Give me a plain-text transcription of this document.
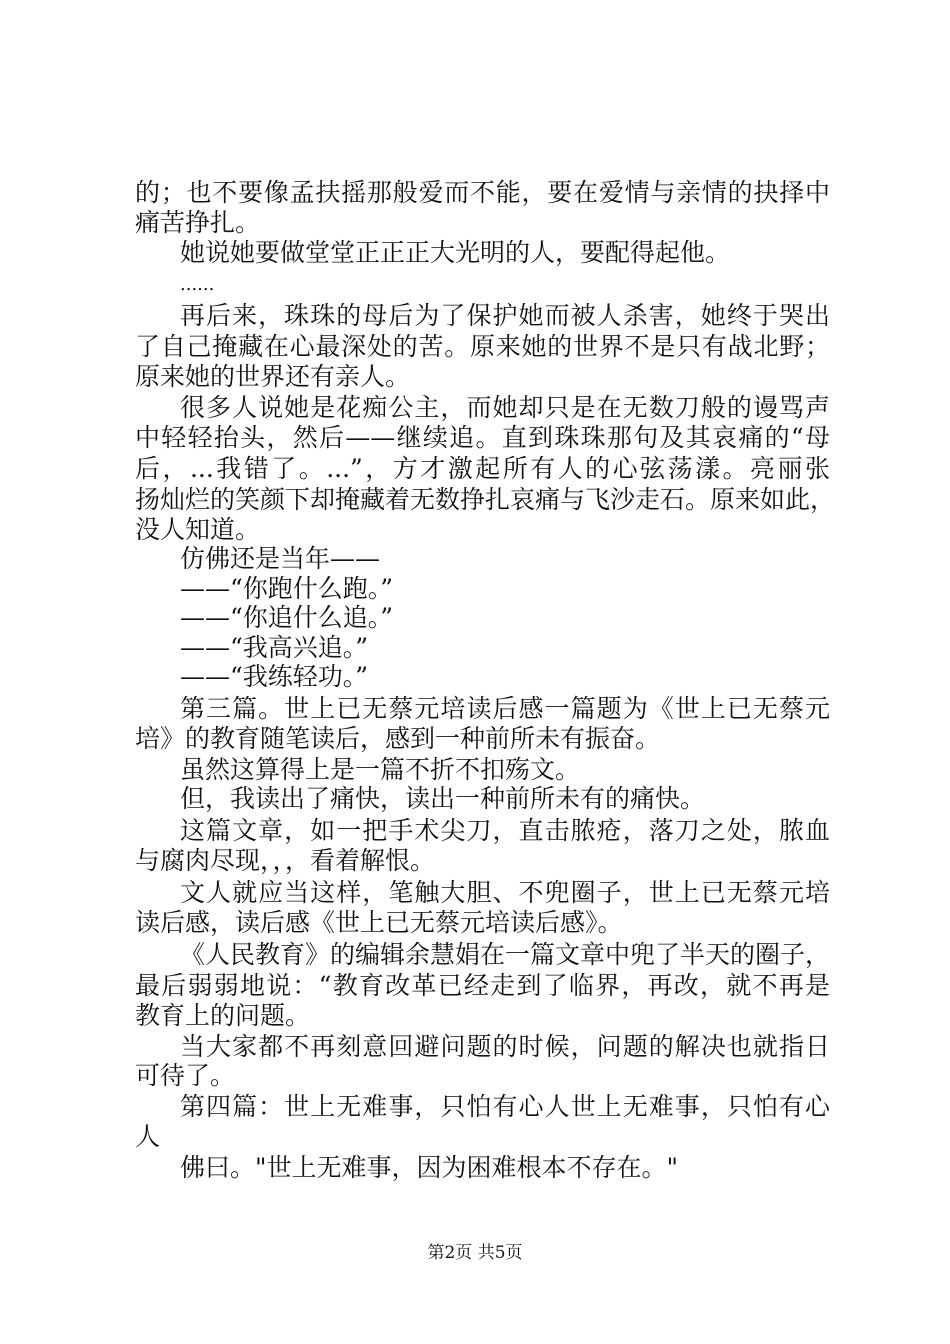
的；也不要像孟扶摇那般爱而不能，要在爱情与亲情的抉择中
痛苦挣扎。
她说她要做堂堂正正正大光明的人，要配得起他。
......
再后来，珠珠的母后为了保护她而被人杀害，她终于哭出
了自己掩藏在心最深处的苦。原来她的世界不是只有战北野；
原来她的世界还有亲人。
很多人说她是花痴公主，而她却只是在无数刀般的谩骂声
中轻轻抬头，然后——继续追。直到珠珠那句及其哀痛的“母
后，...我错了。...”，方才激起所有人的心弦荡漾。亮丽张
扬灿烂的笑颜下却掩藏着无数挣扎哀痛与飞沙走石。原来如此，
没人知道。
仿佛还是当年——
——“你跑什么跑。”
——“你追什么追。”
——“我高兴追。”
——“我练轻功。”
第三篇。世上已无蔡元培读后感一篇题为《世上已无蔡元
培》的教育随笔读后，感到一种前所未有振奋。
虽然这算得上是一篇不折不扣殇文。
但，我读出了痛快，读出一种前所未有的痛快。
这篇文章，如一把手术尖刀，直击脓疮，落刀之处，脓血
与腐肉尽现，，，看着解恨。
文人就应当这样，笔触大胆、不兜圈子，世上已无蔡元培
读后感，读后感《世上已无蔡元培读后感》。
《人民教育》的编辑余慧娟在一篇文章中兜了半天的圈子，
最后弱弱地说：“教育改革已经走到了临界，再改，就不再是
教育上的问题。
当大家都不再刻意回避问题的时候，问题的解决也就指日
可待了。
第四篇：世上无难事，只怕有心人世上无难事，只怕有心
人
佛曰。"世上无难事，因为困难根本不存在。"
第2页 共5页
